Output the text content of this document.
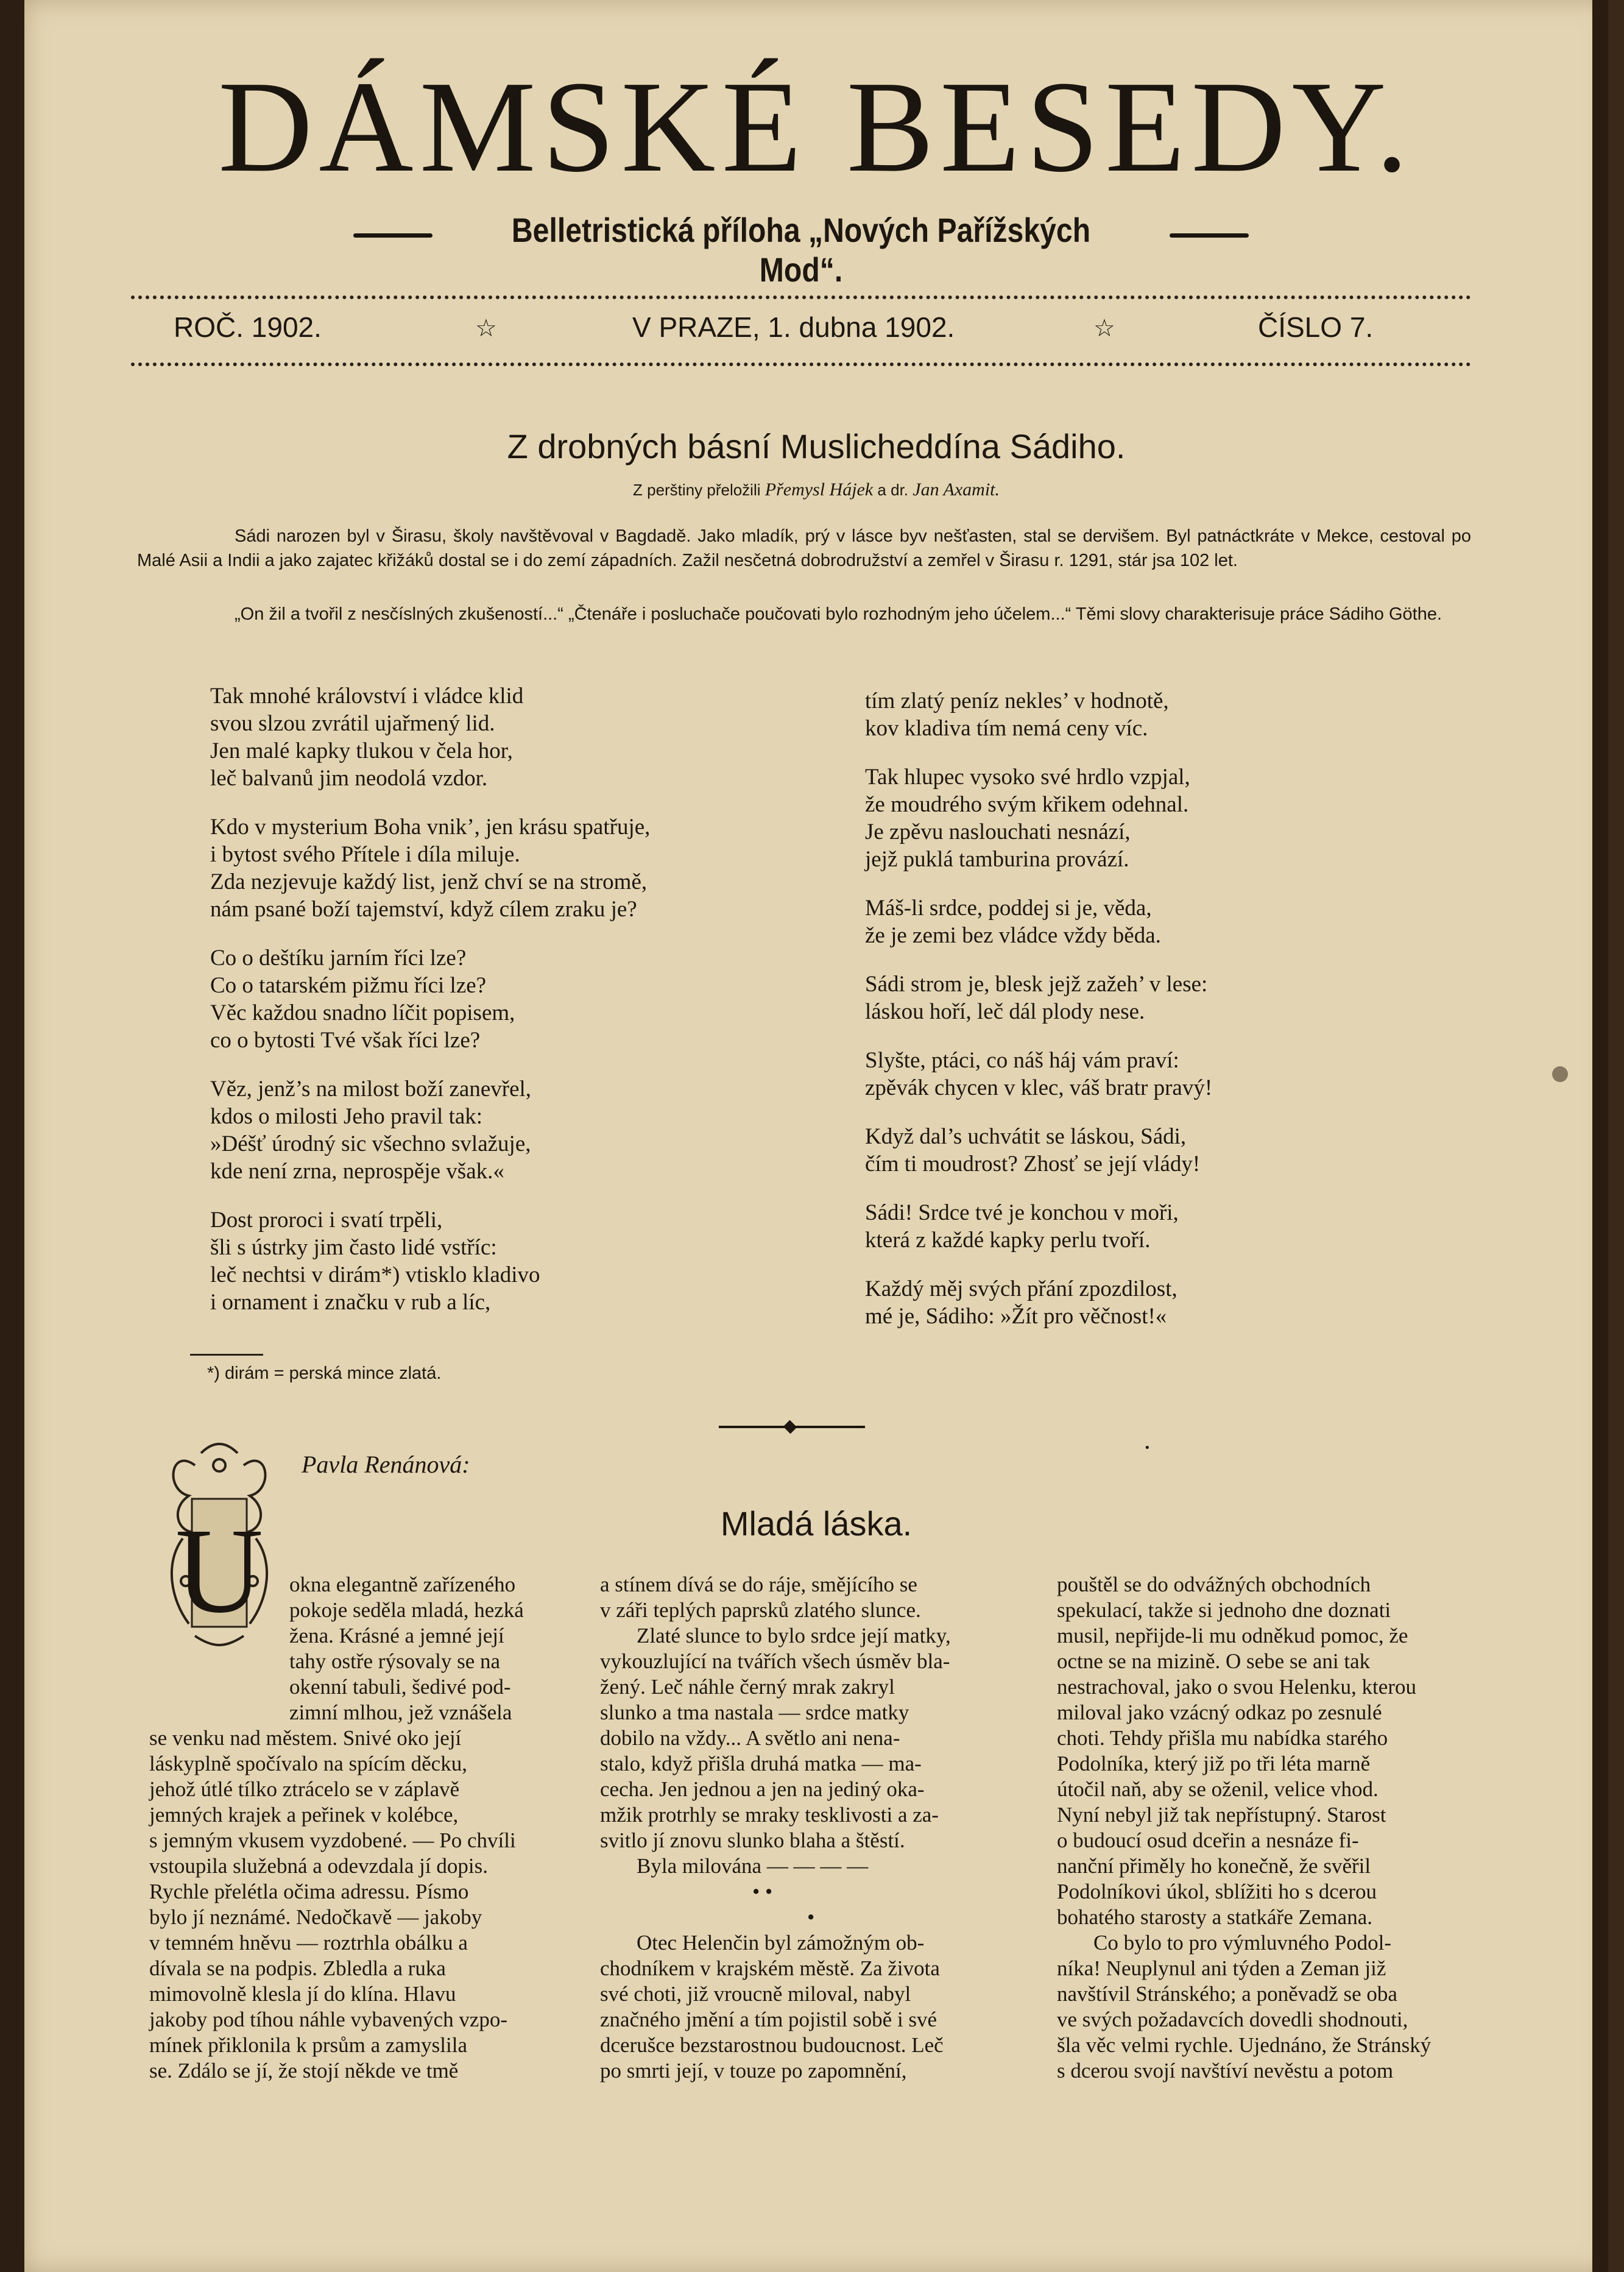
DÁMSKÉ BESEDY.
Belletristická příloha „Nových Pařížských Mod“.
ROČ. 1902.	☆	V PRAZE, 1. dubna 1902.	☆	ČÍSLO 7.
Z drobných básní Muslicheddína Sádiho.
Z perštiny přeložili Přemysl Hájek a dr. Jan Axamit.

Sádi narozen byl v Širasu, školy navštěvoval v Bagdadě. Jako mladík, prý v lásce byv nešťasten, stal se dervišem. Byl patnáctkráte v Mekce, cestoval po Malé Asii a Indii a jako zajatec křižáků dostal se i do zemí západních. Zažil nesčetná dobrodružství a zemřel v Širasu r. 1291, stár jsa 102 let.

„On žil a tvořil z nesčíslných zkušeností...“ „Čtenáře i posluchače poučovati bylo rozhodným jeho účelem...“ Těmi slovy charakterisuje práce Sádiho Göthe.

Tak mnohé království i vládce klid
svou slzou zvrátil ujařmený lid.
Jen malé kapky tlukou v čela hor,
leč balvanů jim neodolá vzdor.
Kdo v mysterium Boha vnik’, jen krásu spatřuje,
i bytost svého Přítele i díla miluje.
Zda nezjevuje každý list, jenž chví se na stromě,
nám psané boží tajemství, když cílem zraku je?
Co o deštíku jarním říci lze?
Co o tatarském pižmu říci lze?
Věc každou snadno líčit popisem,
co o bytosti Tvé však říci lze?
Věz, jenž’s na milost boží zanevřel,
kdos o milosti Jeho pravil tak:
»Déšť úrodný sic všechno svlažuje,
kde není zrna, neprospěje však.«
Dost proroci i svatí trpěli,
šli s ústrky jim často lidé vstříc:
leč nechtsi v dirám*) vtisklo kladivo
i ornament i značku v rub a líc,
tím zlatý peníz nekles’ v hodnotě,
kov kladiva tím nemá ceny víc.
Tak hlupec vysoko své hrdlo vzpjal,
že moudrého svým křikem odehnal.
Je zpěvu naslouchati nesnází,
jejž puklá tamburina provází.
Máš-li srdce, poddej si je, věda,
že je zemi bez vládce vždy běda.
Sádi strom je, blesk jejž zažeh’ v lese:
láskou hoří, leč dál plody nese.
Slyšte, ptáci, co náš háj vám praví:
zpěvák chycen v klec, váš bratr pravý!
Když dal’s uchvátit se láskou, Sádi,
čím ti moudrost? Zhosť se její vlády!
Sádi! Srdce tvé je konchou v moři,
která z každé kapky perlu tvoří.
Každý měj svých přání zpozdilost,
mé je, Sádiho: »Žít pro věčnost!«
*) dirám = perská mince zlatá.
•
Pavla Renánová:
Mladá láska.
U	okna elegantně zařízeného
pokoje seděla mladá, hezká
žena. Krásné a jemné její
tahy ostře rýsovaly se na
okenní tabuli, šedivé pod-
zimní mlhou, jež vznášela
se venku nad městem. Snivé oko její
láskyplně spočívalo na spícím děcku,
jehož útlé tílko ztrácelo se v záplavě
jemných krajek a peřinek v kolébce,
s jemným vkusem vyzdobené. — Po chvíli
vstoupila služebná a odevzdala jí dopis.
Rychle přelétla očima adressu. Písmo
bylo jí neznámé. Nedočkavě — jakoby
v temném hněvu — roztrhla obálku a
dívala se na podpis. Zbledla a ruka
mimovolně klesla jí do klína. Hlavu
jakoby pod tíhou náhle vybavených vzpo-
mínek přiklonila k prsům a zamyslila
se. Zdálo se jí, že stojí někde ve tmě
a stínem dívá se do ráje, smějícího se
v záři teplých paprsků zlatého slunce.
Zlaté slunce to bylo srdce její matky,
vykouzlující na tvářích všech úsměv bla-
žený. Leč náhle černý mrak zakryl
slunko a tma nastala — srdce matky
dobilo na vždy... A světlo ani nena-
stalo, když přišla druhá matka — ma-
cecha. Jen jednou a jen na jediný oka-
mžik protrhly se mraky tesklivosti a za-
svitlo jí znovu slunko blaha a štěstí.
Byla milována — — — —
• •
•
Otec Helenčin byl zámožným ob-
chodníkem v krajském městě. Za života
své choti, již vroucně miloval, nabyl
značného jmění a tím pojistil sobě i své
dcerušce bezstarostnou budoucnost. Leč
po smrti její, v touze po zapomnění,
pouštěl se do odvážných obchodních
spekulací, takže si jednoho dne doznati
musil, nepřijde-li mu odněkud pomoc, že
octne se na mizině. O sebe se ani tak
nestrachoval, jako o svou Helenku, kterou
miloval jako vzácný odkaz po zesnulé
choti. Tehdy přišla mu nabídka starého
Podolníka, který již po tři léta marně
útočil naň, aby se oženil, velice vhod.
Nyní nebyl již tak nepřístupný. Starost
o budoucí osud dceřin a nesnáze fi-
nanční přiměly ho konečně, že svěřil
Podolníkovi úkol, sblížiti ho s dcerou
bohatého starosty a statkáře Zemana.
Co bylo to pro výmluvného Podol-
níka! Neuplynul ani týden a Zeman již
navštívil Stránského; a poněvadž se oba
ve svých požadavcích dovedli shodnouti,
šla věc velmi rychle. Ujednáno, že Stránský
s dcerou svojí navštíví nevěstu a potom
